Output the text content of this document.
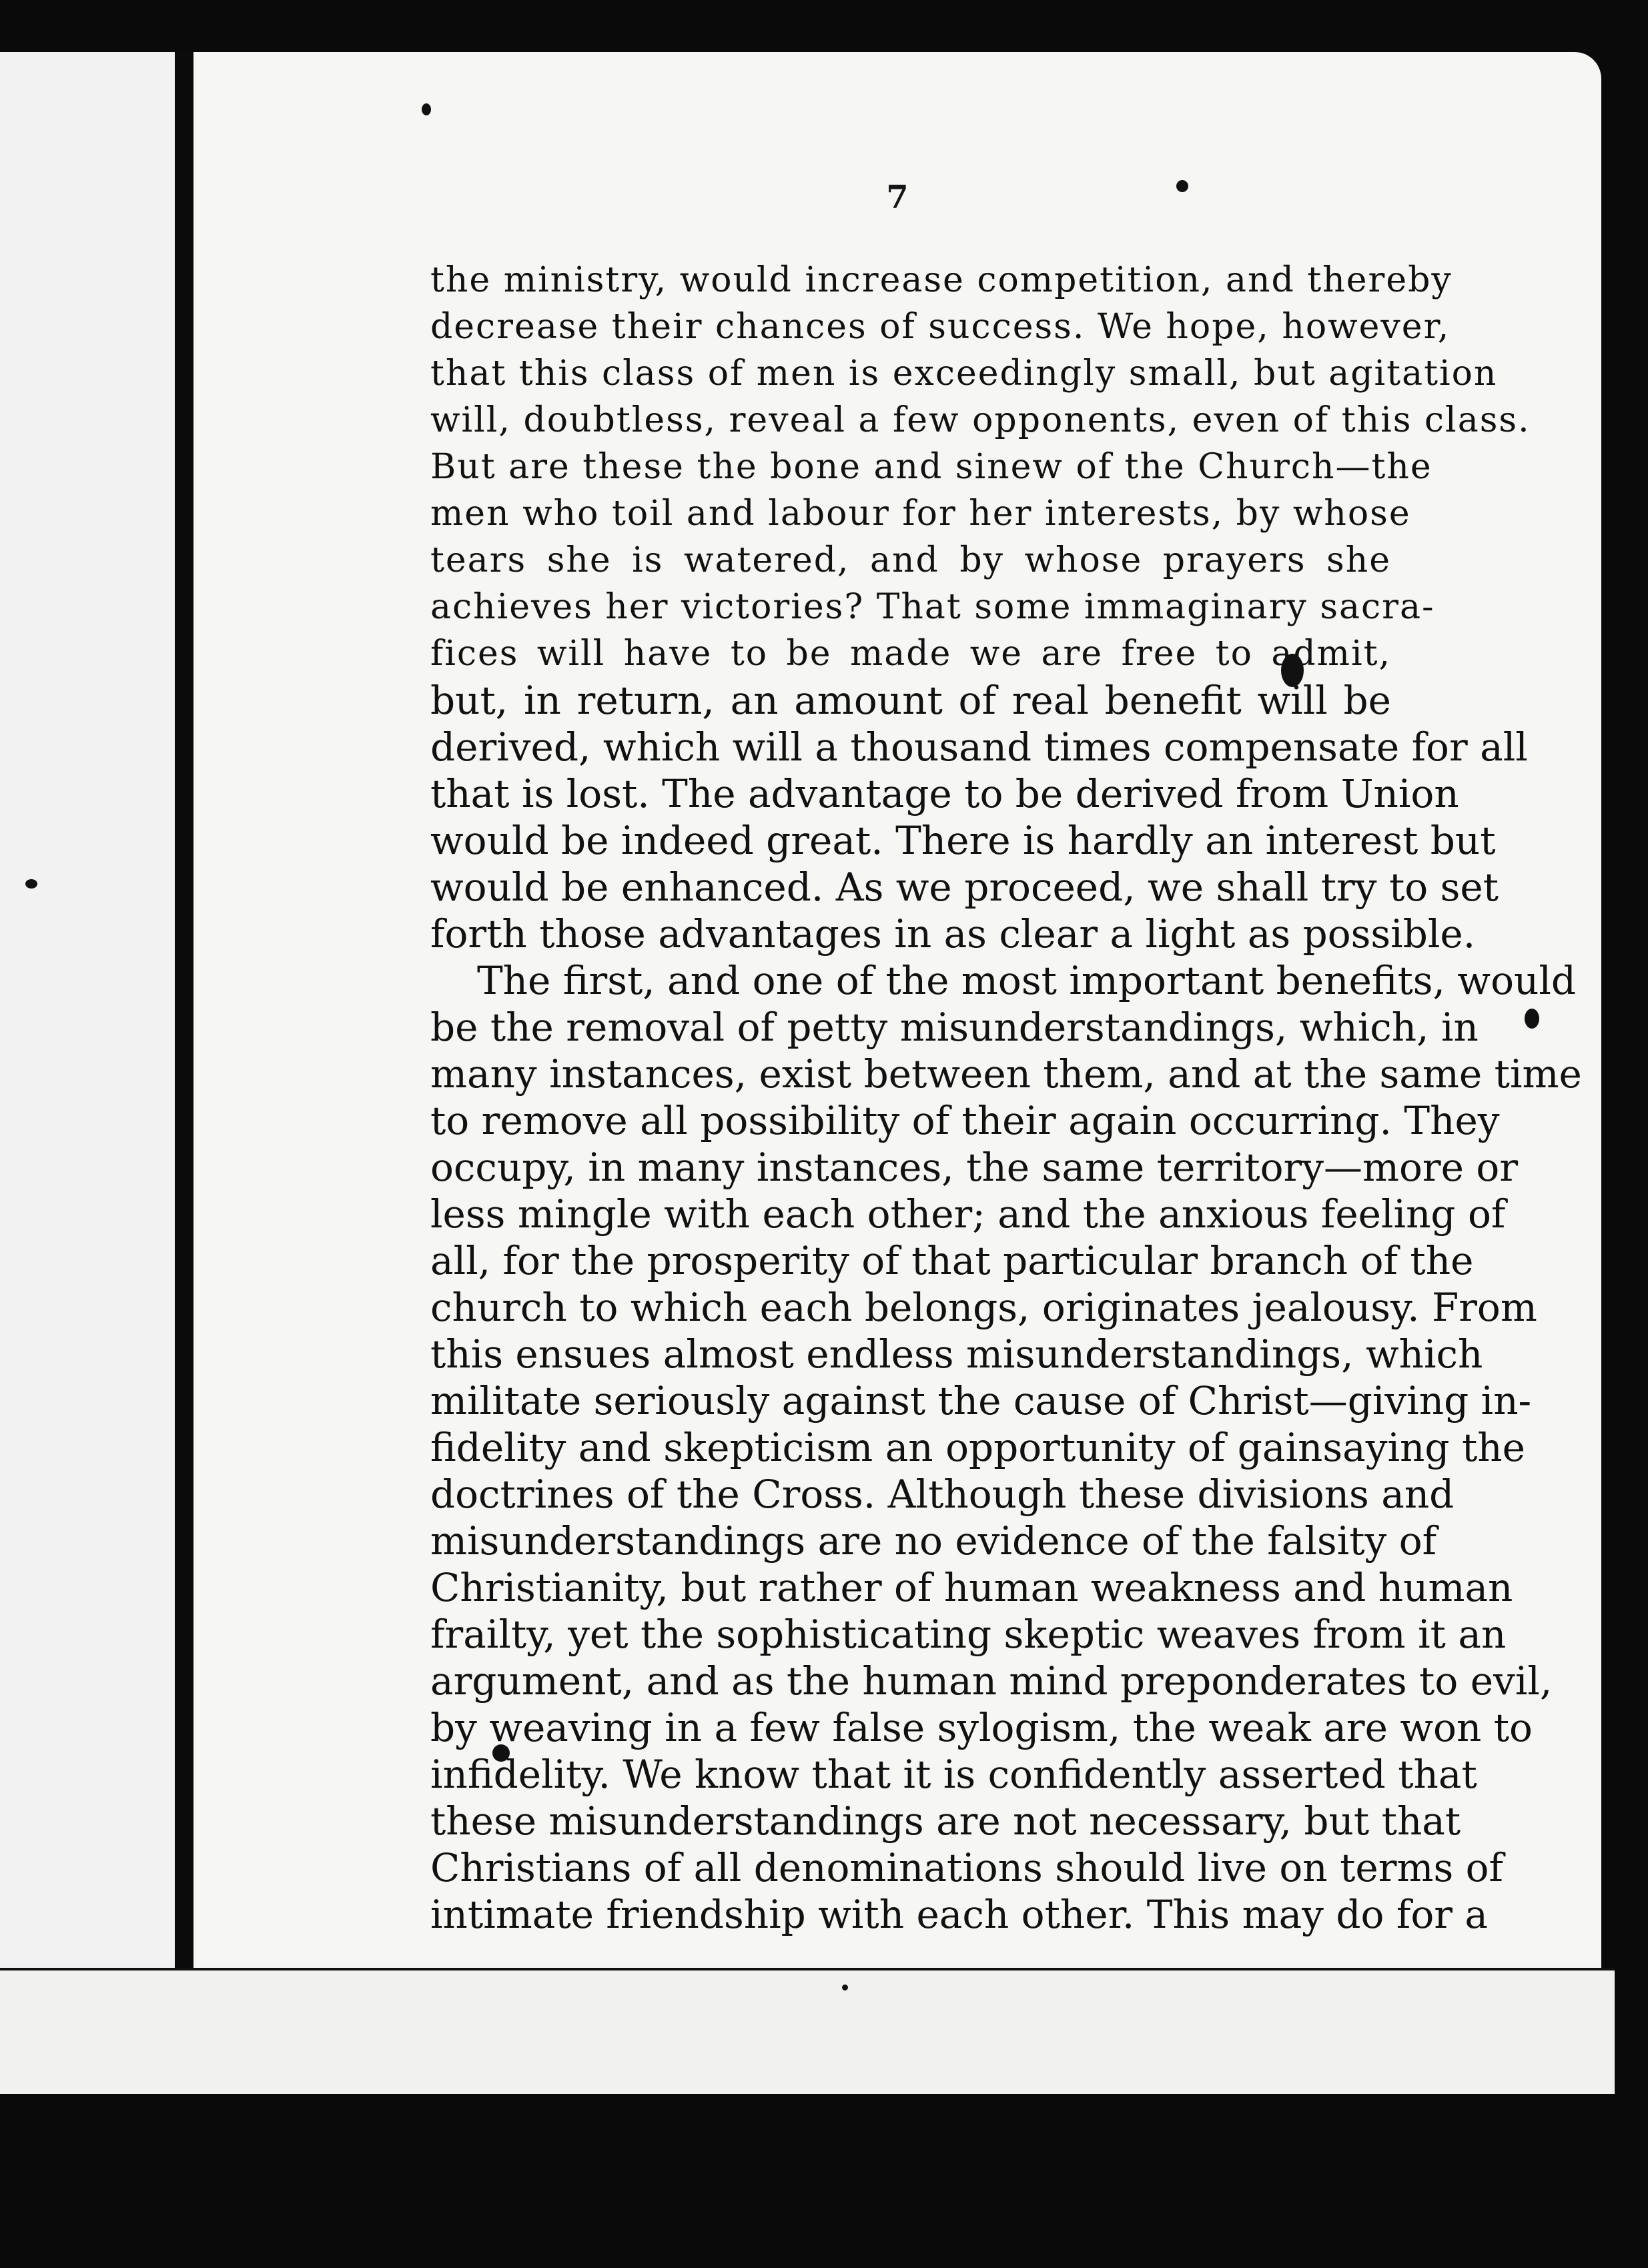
7
the ministry, would increase competition, and thereby
decrease their chances of success. We hope, however,
that this class of men is exceedingly small, but agitation
will, doubtless, reveal a few opponents, even of this class.
But are these the bone and sinew of the Church—the
men who toil and labour for her interests, by whose
tears she is watered, and by whose prayers she
achieves her victories? That some immaginary sacra-
fices will have to be made we are free to admit,
but, in return, an amount of real benefit will be
derived, which will a thousand times compensate for all
that is lost. The advantage to be derived from Union
would be indeed great. There is hardly an interest but
would be enhanced. As we proceed, we shall try to set
forth those advantages in as clear a light as possible.
The first, and one of the most important benefits, would
be the removal of petty misunderstandings, which, in
many instances, exist between them, and at the same time
to remove all possibility of their again occurring. They
occupy, in many instances, the same territory—more or
less mingle with each other; and the anxious feeling of
all, for the prosperity of that particular branch of the
church to which each belongs, originates jealousy. From
this ensues almost endless misunderstandings, which
militate seriously against the cause of Christ—giving in-
fidelity and skepticism an opportunity of gainsaying the
doctrines of the Cross. Although these divisions and
misunderstandings are no evidence of the falsity of
Christianity, but rather of human weakness and human
frailty, yet the sophisticating skeptic weaves from it an
argument, and as the human mind preponderates to evil,
by weaving in a few false sylogism, the weak are won to
infidelity. We know that it is confidently asserted that
these misunderstandings are not necessary, but that
Christians of all denominations should live on terms of
intimate friendship with each other. This may do for a
